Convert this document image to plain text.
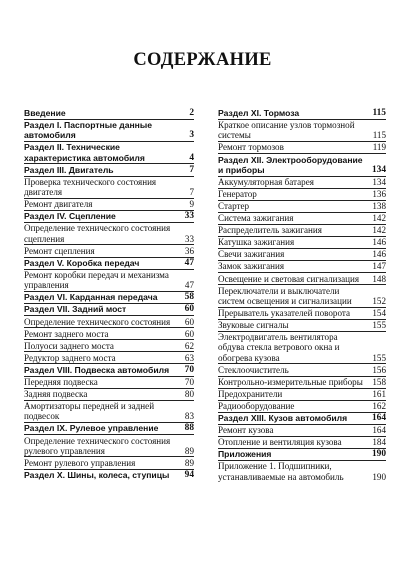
СОДЕРЖАНИЕ
Введение	2
Раздел I. Паспортные данные автомобиля	3
Раздел II. Технические характеристика автомобиля	4
Раздел III. Двигатель	7
Проверка технического состояния двигателя	7
Ремонт двигателя	9
Раздел IV. Сцепление	33
Определение технического состояния сцепления	33
Ремонт сцепления	36
Раздел V. Коробка передач	47
Ремонт коробки передач и механизма управления	47
Раздел VI. Карданная передача	58
Раздел VII. Задний мост	60
Определение технического состояния	60
Ремонт заднего моста	60
Полуоси заднего моста	62
Редуктор заднего моста	63
Раздел VIII. Подвеска автомобиля	70
Передняя подвеска	70
Задняя подвеска	80
Амортизаторы передней и задней подвесок	83
Раздел IX. Рулевое управление	88
Определение технического состояния рулевого управления	89
Ремонт рулевого управления	89
Раздел X. Шины, колеса, ступицы	94
Раздел XI. Тормоза	115
Краткое описание узлов тормозной системы	115
Ремонт тормозов	119
Раздел XII. Электрооборудование и приборы	134
Аккумуляторная батарея	134
Генератор	136
Стартер	138
Система зажигания	142
Распределитель зажигания	142
Катушка зажигания	146
Свечи зажигания	146
Замок зажигания	147
Освещение и световая сигнализация	148
Переключатели и выключатели систем освещения и сигнализации	152
Прерыватель указателей поворота	154
Звуковые сигналы	155
Электродвигатель вентилятора обдува стекла ветрового окна и обогрева кузова	155
Стеклоочиститель	156
Контрольно-измерительные приборы	158
Предохранители	161
Радиооборудование	162
Раздел XIII. Кузов автомобиля	164
Ремонт кузова	164
Отопление и вентиляция кузова	184
Приложения	190
Приложение 1. Подшипники, устанавливаемые на автомобиль	190
